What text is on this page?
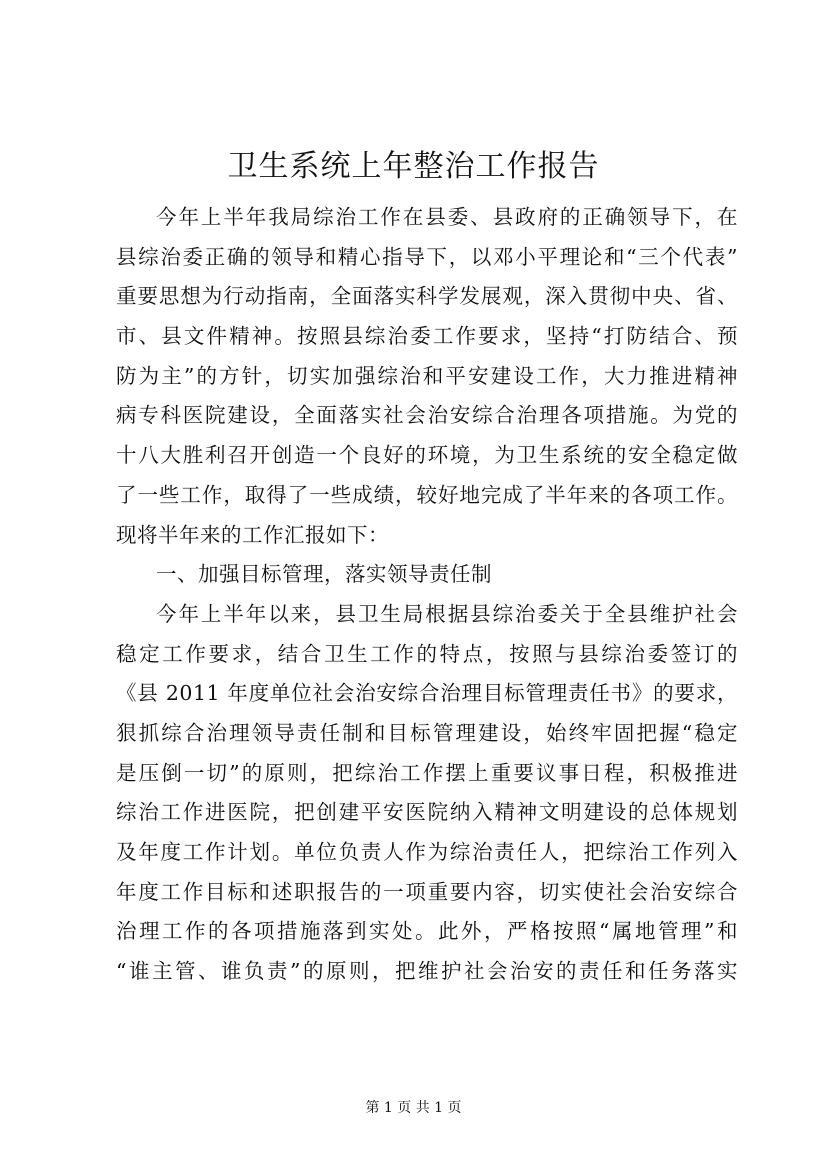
卫生系统上年整治工作报告
今年上半年我局综治工作在县委、县政府的正确领导下，在
县综治委正确的领导和精心指导下，以邓小平理论和“三个代表”
重要思想为行动指南，全面落实科学发展观，深入贯彻中央、省、
市、县文件精神。按照县综治委工作要求，坚持“打防结合、预
防为主”的方针，切实加强综治和平安建设工作，大力推进精神
病专科医院建设，全面落实社会治安综合治理各项措施。为党的
十八大胜利召开创造一个良好的环境，为卫生系统的安全稳定做
了一些工作，取得了一些成绩，较好地完成了半年来的各项工作。
现将半年来的工作汇报如下：
一、加强目标管理，落实领导责任制
今年上半年以来，县卫生局根据县综治委关于全县维护社会
稳定工作要求，结合卫生工作的特点，按照与县综治委签订的
《县 2011 年度单位社会治安综合治理目标管理责任书》的要求，
狠抓综合治理领导责任制和目标管理建设，始终牢固把握“稳定
是压倒一切”的原则，把综治工作摆上重要议事日程，积极推进
综治工作进医院，把创建平安医院纳入精神文明建设的总体规划
及年度工作计划。单位负责人作为综治责任人，把综治工作列入
年度工作目标和述职报告的一项重要内容，切实使社会治安综合
治理工作的各项措施落到实处。此外，严格按照“属地管理”和
“谁主管、谁负责”的原则，把维护社会治安的责任和任务落实
第 1 页 共 1 页
